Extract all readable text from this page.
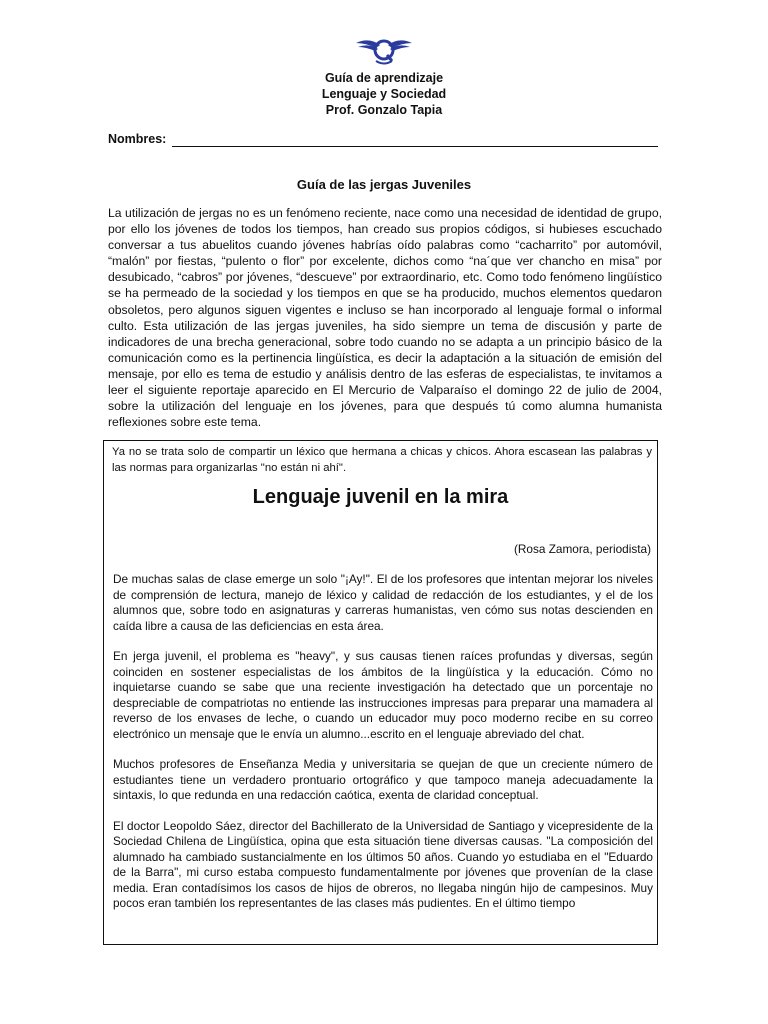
Guía de aprendizaje
Lenguaje y Sociedad
Prof. Gonzalo Tapia
Nombres:
Guía de las jergas Juveniles
La utilización de jergas no es un fenómeno reciente, nace como una necesidad de identidad de grupo, por ello los jóvenes de todos los tiempos, han creado sus propios códigos, si hubieses escuchado conversar a tus abuelitos cuando jóvenes habrías oído palabras como “cacharrito” por automóvil, “malón” por fiestas, “pulento o flor” por excelente, dichos como “na´que ver chancho en misa” por desubicado, “cabros” por jóvenes, “descueve” por extraordinario, etc. Como todo fenómeno lingüístico se ha permeado de la sociedad y los tiempos en que se ha producido, muchos elementos quedaron obsoletos, pero algunos siguen vigentes e incluso se han incorporado al lenguaje formal o informal culto. Esta utilización de las jergas juveniles, ha sido siempre un tema de discusión y parte de indicadores de una brecha generacional, sobre todo cuando no se adapta a un principio básico de la comunicación como es la pertinencia lingüística, es decir la adaptación a la situación de emisión del mensaje, por ello es tema de estudio y análisis dentro de las esferas de especialistas, te invitamos a leer el siguiente reportaje aparecido en El Mercurio de Valparaíso el domingo 22 de julio de 2004, sobre la utilización del lenguaje en los jóvenes, para que después tú como alumna humanista reflexiones sobre este tema.
Ya no se trata solo de compartir un léxico que hermana a chicas y chicos. Ahora escasean las palabras y las normas para organizarlas "no están ni ahí".
Lenguaje juvenil en la mira
(Rosa Zamora, periodista)

De muchas salas de clase emerge un solo "¡Ay!". El de los profesores que intentan mejorar los niveles de comprensión de lectura, manejo de léxico y calidad de redacción de los estudiantes, y el de los alumnos que, sobre todo en asignaturas y carreras humanistas, ven cómo sus notas descienden en caída libre a causa de las deficiencias en esta área.

En jerga juvenil, el problema es "heavy", y sus causas tienen raíces profundas y diversas, según coinciden en sostener especialistas de los ámbitos de la lingüística y la educación. Cómo no inquietarse cuando se sabe que una reciente investigación ha detectado que un porcentaje no despreciable de compatriotas no entiende las instrucciones impresas para preparar una mamadera al reverso de los envases de leche, o cuando un educador muy poco moderno recibe en su correo electrónico un mensaje que le envía un alumno...escrito en el lenguaje abreviado del chat.

Muchos profesores de Enseñanza Media y universitaria se quejan de que un creciente número de estudiantes tiene un verdadero prontuario ortográfico y que tampoco maneja adecuadamente la sintaxis, lo que redunda en una redacción caótica, exenta de claridad conceptual.

El doctor Leopoldo Sáez, director del Bachillerato de la Universidad de Santiago y vicepresidente de la Sociedad Chilena de Lingüística, opina que esta situación tiene diversas causas. "La composición del alumnado ha cambiado sustancialmente en los últimos 50 años. Cuando yo estudiaba en el "Eduardo de la Barra", mi curso estaba compuesto fundamentalmente por jóvenes que provenían de la clase media. Eran contadísimos los casos de hijos de obreros, no llegaba ningún hijo de campesinos. Muy pocos eran también los representantes de las clases más pudientes. En el último tiempo
